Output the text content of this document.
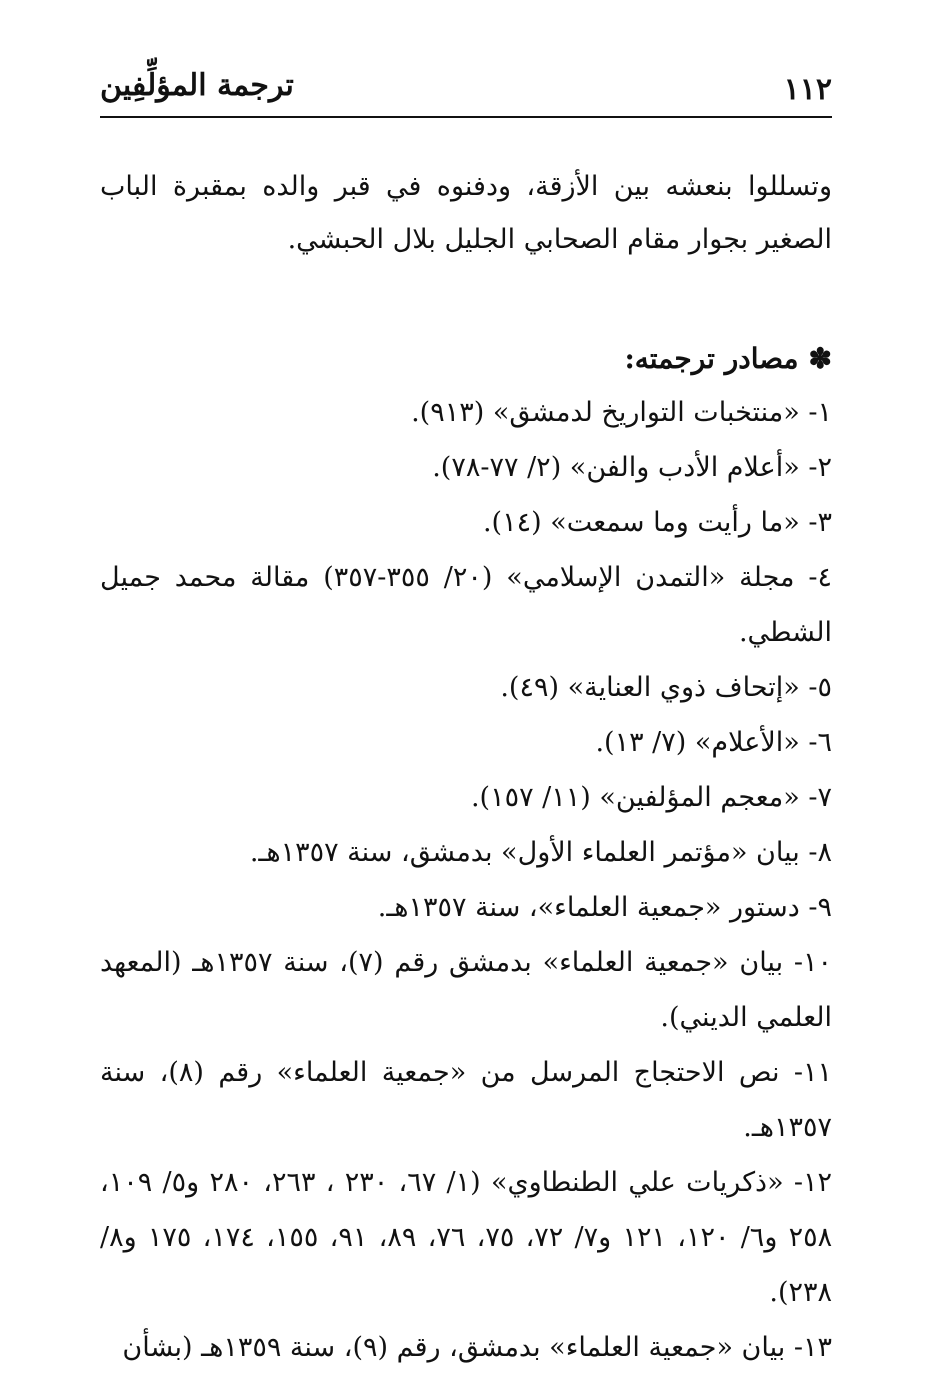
١١٢
ترجمة المؤلِّفِين

وتسللوا بنعشه بين الأزقة، ودفنوه في قبر والده بمقبرة الباب الصغير بجوار مقام الصحابي الجليل بلال الحبشي.

✽مصادر ترجمته:
١- «منتخبات التواريخ لدمشق» (٩١٣).
٢- «أعلام الأدب والفن» (٢/ ٧٧-٧٨).
٣- «ما رأيت وما سمعت» (١٤).
٤- مجلة «التمدن الإسلامي» (٢٠/ ٣٥٥-٣٥٧) مقالة محمد جميل الشطي.
٥- «إتحاف ذوي العناية» (٤٩).
٦- «الأعلام» (٧/ ١٣).
٧- «معجم المؤلفين» (١١/ ١٥٧).
٨- بيان «مؤتمر العلماء الأول» بدمشق، سنة ١٣٥٧هـ.
٩- دستور «جمعية العلماء»، سنة ١٣٥٧هـ.
١٠- بيان «جمعية العلماء» بدمشق رقم (٧)، سنة ١٣٥٧هـ (المعهد العلمي الديني).
١١- نص الاحتجاج المرسل من «جمعية العلماء» رقم (٨)، سنة ١٣٥٧هـ.
١٢- «ذكريات علي الطنطاوي» (١/ ٦٧، ٢٣٠ ، ٢٦٣، ٢٨٠ و٥/ ١٠٩، ٢٥٨ و٦/ ١٢٠، ١٢١ و٧/ ٧٢، ٧٥، ٧٦، ٨٩، ٩١، ١٥٥، ١٧٤، ١٧٥ و٨/ ٢٣٨).
١٣- بيان «جمعية العلماء» بدمشق، رقم (٩)، سنة ١٣٥٩هـ (بشأن
